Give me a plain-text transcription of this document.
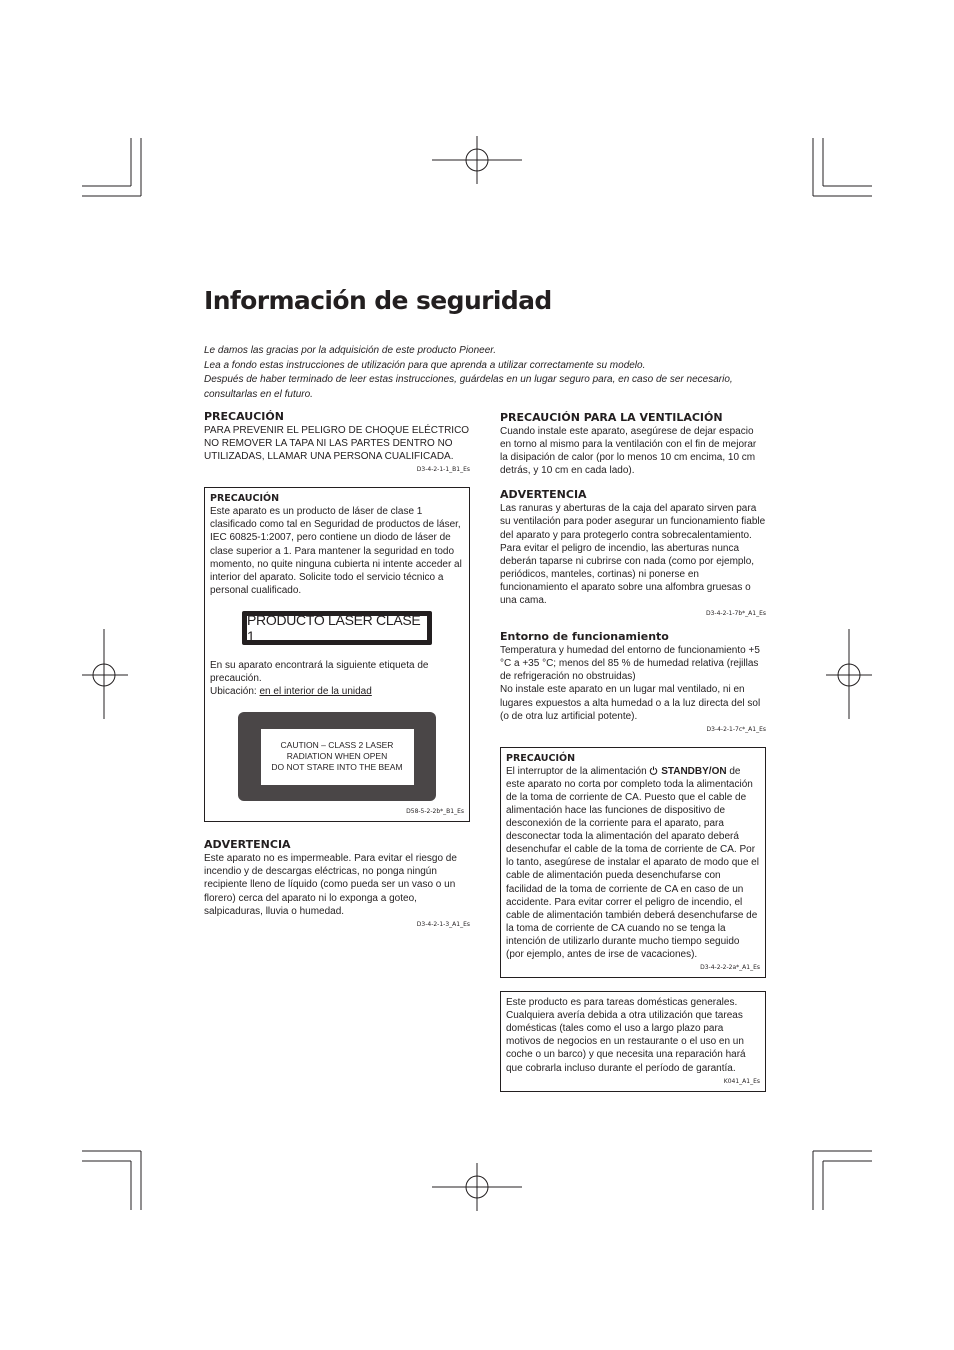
Información de seguridad

Le damos las gracias por la adquisición de este producto Pioneer.

Lea a fondo estas instrucciones de utilización para que aprenda a utilizar correctamente su modelo.

Después de haber terminado de leer estas instrucciones, guárdelas en un lugar seguro para, en caso de ser necesario, consultarlas en el futuro.

PRECAUCIÓN

PARA PREVENIR EL PELIGRO DE CHOQUE ELÉCTRICO NO REMOVER LA TAPA NI LAS PARTES DENTRO NO UTILIZADAS, LLAMAR UNA PERSONA CUALIFICADA.

D3-4-2-1-1_B1_Es
PRECAUCIÓN

Este aparato es un producto de láser de clase 1 clasificado como tal en Seguridad de productos de láser, IEC 60825-1:2007, pero contiene un diodo de láser de clase superior a 1. Para mantener la seguridad en todo momento, no quite ninguna cubierta ni intente acceder al interior del aparato. Solicite todo el servicio técnico a personal cualificado.

PRODUCTO LASER CLASE 1

En su aparato encontrará la siguiente etiqueta de precaución.

Ubicación: en el interior de la unidad

CAUTION – CLASS 2 LASER
RADIATION WHEN OPEN
DO NOT STARE INTO THE BEAM
D58-5-2-2b*_B1_Es
ADVERTENCIA

Este aparato no es impermeable. Para evitar el riesgo de incendio y de descargas eléctricas, no ponga ningún recipiente lleno de líquido (como pueda ser un vaso o un florero) cerca del aparato ni lo exponga a goteo, salpicaduras, lluvia o humedad.

D3-4-2-1-3_A1_Es
PRECAUCIÓN PARA LA VENTILACIÓN

Cuando instale este aparato, asegúrese de dejar espacio en torno al mismo para la ventilación con el fin de mejorar la disipación de calor (por lo menos 10 cm encima, 10 cm detrás, y 10 cm en cada lado).

ADVERTENCIA

Las ranuras y aberturas de la caja del aparato sirven para su ventilación para poder asegurar un funcionamiento fiable del aparato y para protegerlo contra sobrecalentamiento. Para evitar el peligro de incendio, las aberturas nunca deberán taparse ni cubrirse con nada (como por ejemplo, periódicos, manteles, cortinas) ni ponerse en funcionamiento el aparato sobre una alfombra gruesas o una cama.

D3-4-2-1-7b*_A1_Es
Entorno de funcionamiento

Temperatura y humedad del entorno de funcionamiento +5 °C a +35 °C; menos del 85 % de humedad relativa (rejillas de refrigeración no obstruidas)

No instale este aparato en un lugar mal ventilado, ni en lugares expuestos a alta humedad o a la luz directa del sol (o de otra luz artificial potente).

D3-4-2-1-7c*_A1_Es
PRECAUCIÓN

El interruptor de la alimentación STANDBY/ON de este aparato no corta por completo toda la alimentación de la toma de corriente de CA. Puesto que el cable de alimentación hace las funciones de dispositivo de desconexión de la corriente para el aparato, para desconectar toda la alimentación del aparato deberá desenchufar el cable de la toma de corriente de CA. Por lo tanto, asegúrese de instalar el aparato de modo que el cable de alimentación pueda desenchufarse con facilidad de la toma de corriente de CA en caso de un accidente. Para evitar correr el peligro de incendio, el cable de alimentación también deberá desenchufarse de la toma de corriente de CA cuando no se tenga la intención de utilizarlo durante mucho tiempo seguido (por ejemplo, antes de irse de vacaciones).

D3-4-2-2-2a*_A1_Es

Este producto es para tareas domésticas generales. Cualquiera avería debida a otra utilización que tareas domésticas (tales como el uso a largo plazo para motivos de negocios en un restaurante o el uso en un coche o un barco) y que necesita una reparación hará que cobrarla incluso durante el período de garantía.

K041_A1_Es
